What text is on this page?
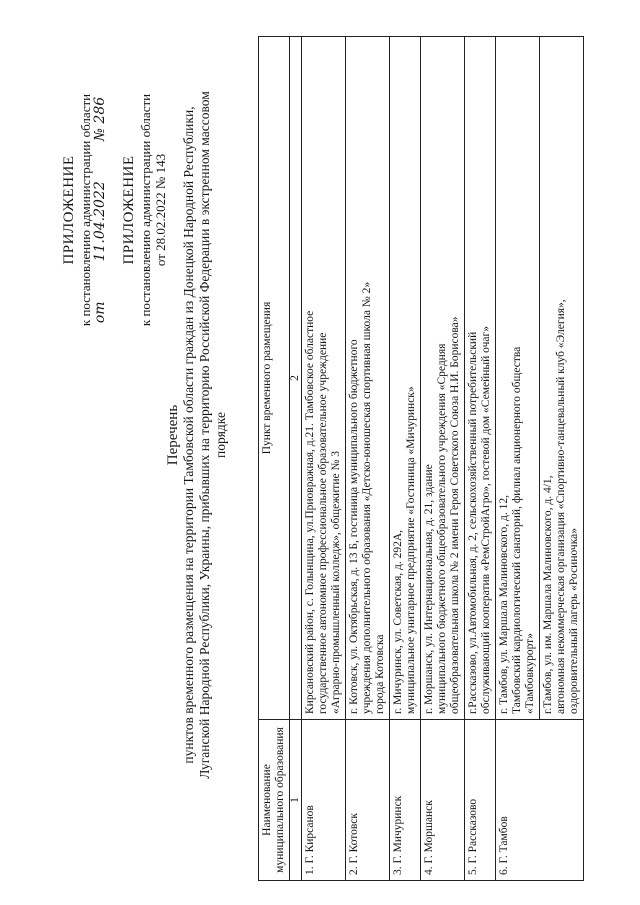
ПРИЛОЖЕНИЕ к постановлению администрации области от
11.04.2022
№ 286
ПРИЛОЖЕНИЕ к постановлению администрации области от 28.02.2022 № 143
Перечень пунктов временного размещения на территории Тамбовской области граждан из Донецкой Народной Республики, Луганской Народной Республики, Украины, прибывших на территорию Российской Федерации в экстренном массовом порядке
Наименование муниципального образования	Пункт временного размещения
1	2
1. Г. Кирсанов	Кирсановский район, с. Голынщина, ул.Приовражная, д.21. Тамбовское областное государственное автономное профессиональное образовательное учреждение «Аграрно-промышленный колледж», общежитие № 3

2. Г. Котовск	г. Котовск, ул. Октябрьская, д. 13 Б, гостиница муниципального бюджетного учреждения дополнительного образования «Детско-юношеская спортивная школа № 2» города Котовска

3. Г. Мичуринск	г. Мичуринск, ул. Советская, д. 292А, муниципальное унитарное предприятие «Гостиница «Мичуринск»

4. Г. Моршанск	г. Моршанск, ул. Интернациональная, д. 21, здание муниципального бюджетного общеобразовательного учреждения «Средняя общеобразовательная школа № 2 имени Героя Советского Союза Н.И. Борисова»

5. Г. Рассказово	г.Рассказово, ул.Автомобильная, д. 2, сельскохозяйственный потребительский обслуживающий кооператив «РемСтройАгро», гостевой дом «Семейный очаг»

6. Г. Тамбов	г. Тамбов, ул. Маршала Малиновского, д. 12, Тамбовский кардиологический санаторий, филиал акционерного общества «Тамбовкурорт»

	г.Тамбов, ул. им. Маршала Малиновского, д. 4/1, автономная некоммерческая организация «Спортивно-танцевальный клуб «Элегия», оздоровительный лагерь «Росиночка»
